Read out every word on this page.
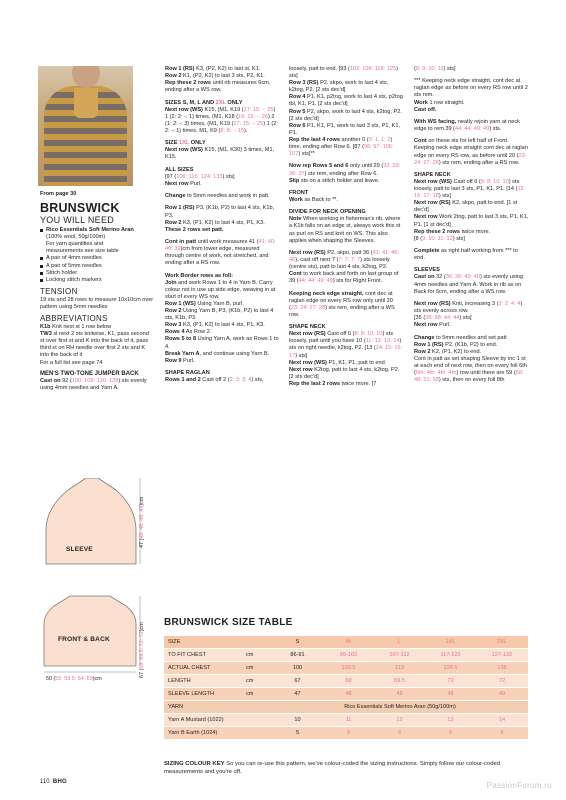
From page 30
BRUNSWICK
YOU WILL NEED
Rico Essentials Soft Merino Aran
(100% wool, 50g/100m)
For yarn quantities and
measurements see size table
A pair of 4mm needles
A pair of 5mm needles
Stitch holder
Locking stitch markers
TENSION
19 sts and 28 rows to measure 10x10cm over pattern using 5mm needles
ABBREVIATIONS
K1b Knit next st 1 row below
TW3 sl next 2 sts knitwise, K1, pass second st over first st and K into the back of it, pass third st on RH needle over first 2 sts and K into the back of it
For a full list see page 74
MEN'S TWO-TONE JUMPER BACK
Cast on 92 (100: 108: 120: 128) sts evenly using 4mm needles and Yarn A.
SLEEVE
FRONT & BACK
47 (48: 48: 49: 49)cm
67 (69: 69.5: 72: 72)cm
50 (55: 59.5: 64: 69)cm

Row 1 (RS) K3, (P2, K2) to last st, K1.
Row 2 K1, (P2, K2) to last 3 sts, P2, K1.
Rep these 2 rows until rib measures 6cm, ending after a WS row.

SIZES S, M, L AND 2XL ONLY

Next row (WS) K15, (M1, K19 (17: 15: -: 25) 1 (2: 2: -: 1) times, (M1, K18 (16: 16: -: 26) 2 (1: 2: -: 3) times, (M1, K19 (17: 15: -: 25) 1 (2: 2: -: 1) times, M1, K9 (8: 8: -: 15).

SIZE 1XL ONLY

Next row (WS) K15, (M1, K30) 3 times, M1, K15.

ALL SIZES

[97 (106: 115: 124: 133) sts]
Next row Purl.

Change to 5mm needles and work in patt.

Row 1 (RS) P3, (K1b, P2) to last 4 sts, K1b, P3.
Row 2 K3, (P1, K2) to last 4 sts, P1, K3.
These 2 rows set patt.

Cont in patt until work measures 41 (41: 40: 40: 39)cm from lower edge, measured through centre of work, not stretched, and ending after a RS row.

Work Border rows as foll:

Join and work Rows 1 to 4 in Yarn B. Carry colour not in use up side edge, weaving in at start of every WS row.
Row 1 (WS) Using Yarn B, purl.
Row 2 Using Yarn B, P3, (K1b, P2) to last 4 sts, K1b, P3.
Row 3 K3, (P1, K2) to last 4 sts, P1, K3.
Rows 4 As Row 2.
Rows 5 to 8 Using Yarn A, work as Rows 1 to 4.
Break Yarn A, and continue using Yarn B.
Row 9 Purl.

SHAPE RAGLAN
Rows 1 and 2 Cast off 2 (2: 3: 3: 4) sts,

loosely, patt to end. [93 (102: 109: 118: 125) sts]
Row 3 (RS) P2, skpo, work to last 4 sts, k2tog, P2. [2 sts dec'd]
Row 4 P1, K1, p2tog, work to last 4 sts, p2tog tbl, K1, P1. [2 sts dec'd]
Row 5 P2, skpo, work to last 4 sts, k2tog, P2. [2 sts dec'd]
Row 6 P1, K1, P1, work to last 3 sts, P1, K1, P1.
Rep the last 4 rows another 0 (0: 1: 1: 2) time, ending after Row 6. [87 (96: 97: 106: 107) sts]**

Now rep Rows 5 and 6 only until 29 (32: 33: 36: 37) sts rem, ending after Row 6.
Slip sts on a stitch holder and leave.

FRONT

Work as Back to **.

DIVIDE FOR NECK OPENING

Note When working in fisherman's rib, where a K1b falls on an edge st, always work this st as purl on RS and knit on WS. This also applies when shaping the Sleeves.

Next row (RS) P2, skpo, patt 36 (41: 41: 46: 46), cast off next 7 (7: 7: 7: 7) sts loosely (centre sts), patt to last 4 sts, k2tog, P2.
Cont to work back and forth on last group of 39 (44: 44: 49: 49) sts for Right Front.

Keeping neck edge straight, cont dec at raglan edge on every RS row only until 20 (23: 24: 27: 28) sts rem, ending after a WS row.

SHAPE NECK
Next row (RS) Cast off 6 (8: 8: 10: 10) sts loosely, patt until you have 10 (11: 12: 13: 14) sts on right needle, k2tog, P2. [13 (14: 15: 16: 17) sts]
Next row (WS) P1, K1, P1, patt to end.
Next row K2tog, patt to last 4 sts, k2tog, P2. [2 sts dec'd]
Rep the last 2 rows twice more. [7

(8: 9: 10: 11) sts]

*** Keeping neck edge straight, cont dec at raglan edge as before on every RS row until 2 sts rem.
Work 1 row straight.
Cast off.

With WS facing, neatly rejoin yarn at neck edge to rem 39 (44: 44: 49: 49) sts.

Cont on these sts for left half of Front. Keeping neck edge straight cont dec at raglan edge on every RS row, as before until 20 (23: 24: 27: 28) sts rem, ending after a RS row.

SHAPE NECK

Next row (WS) Cast off 6 (8: 8: 10: 10) sts loosely, patt to last 3 sts, P1, K1, P1. [14 (15: 16: 17: 18) sts]
Next row (RS) K2, skpo, patt to end. [1 st dec'd]
Next row Work 2tog, patt to last 3 sts, P1, K1, P1. [1 st dec'd]
Rep these 2 rows twice more.
[8 (9: 10: 11: 12) sts]

Complete as right half working from *** to end.

SLEEVES

Cast on 32 (36: 36: 40: 40) sts evenly using 4mm needles and Yarn A. Work in rib as on Back for 6cm, ending after a WS row.

Next row (RS) Knit, increasing 3 (2: 2: 4: 4) sts evenly across row.
[35 (38: 38: 44: 44) sts]
Next row Purl.

Change to 5mm needles and set patt
Row 1 (RS) P2, (K1b, P2) to end.
Row 2 K2, (P1, K2) to end.
Cont in patt as set shaping Sleeve by inc 1 st at each end of next row, then on every foll 6th (6th: 4th: 4th: 4th) row until there are 59 (68: 48: 51: 58) sts, then on every foll 8th
BRUNSWICK SIZE TABLE
SIZE		S	M	L	1XL	2XL
TO FIT CHEST	cm	86-91	96-102	107-112	117-122	127-132
ACTUAL CHEST	cm	100	109.5	119	128.5	138
LENGTH	cm	67	69	69.5	72	72
SLEEVE LENGTH	cm	47	48	48	49	49
YARN		Rico Essentials Soft Merino Aran (50g/100m)				
Yarn A Mustard (1022)		10	11	12	13	14
Yarn B Earth (1024)		5	5	5	6	6
SIZING COLOUR KEY So you can re-use this pattern, we've colour-coded the sizing instructions. Simply follow our colour-coded measurements and you're off.
110 BHG	PassionForum.ru
